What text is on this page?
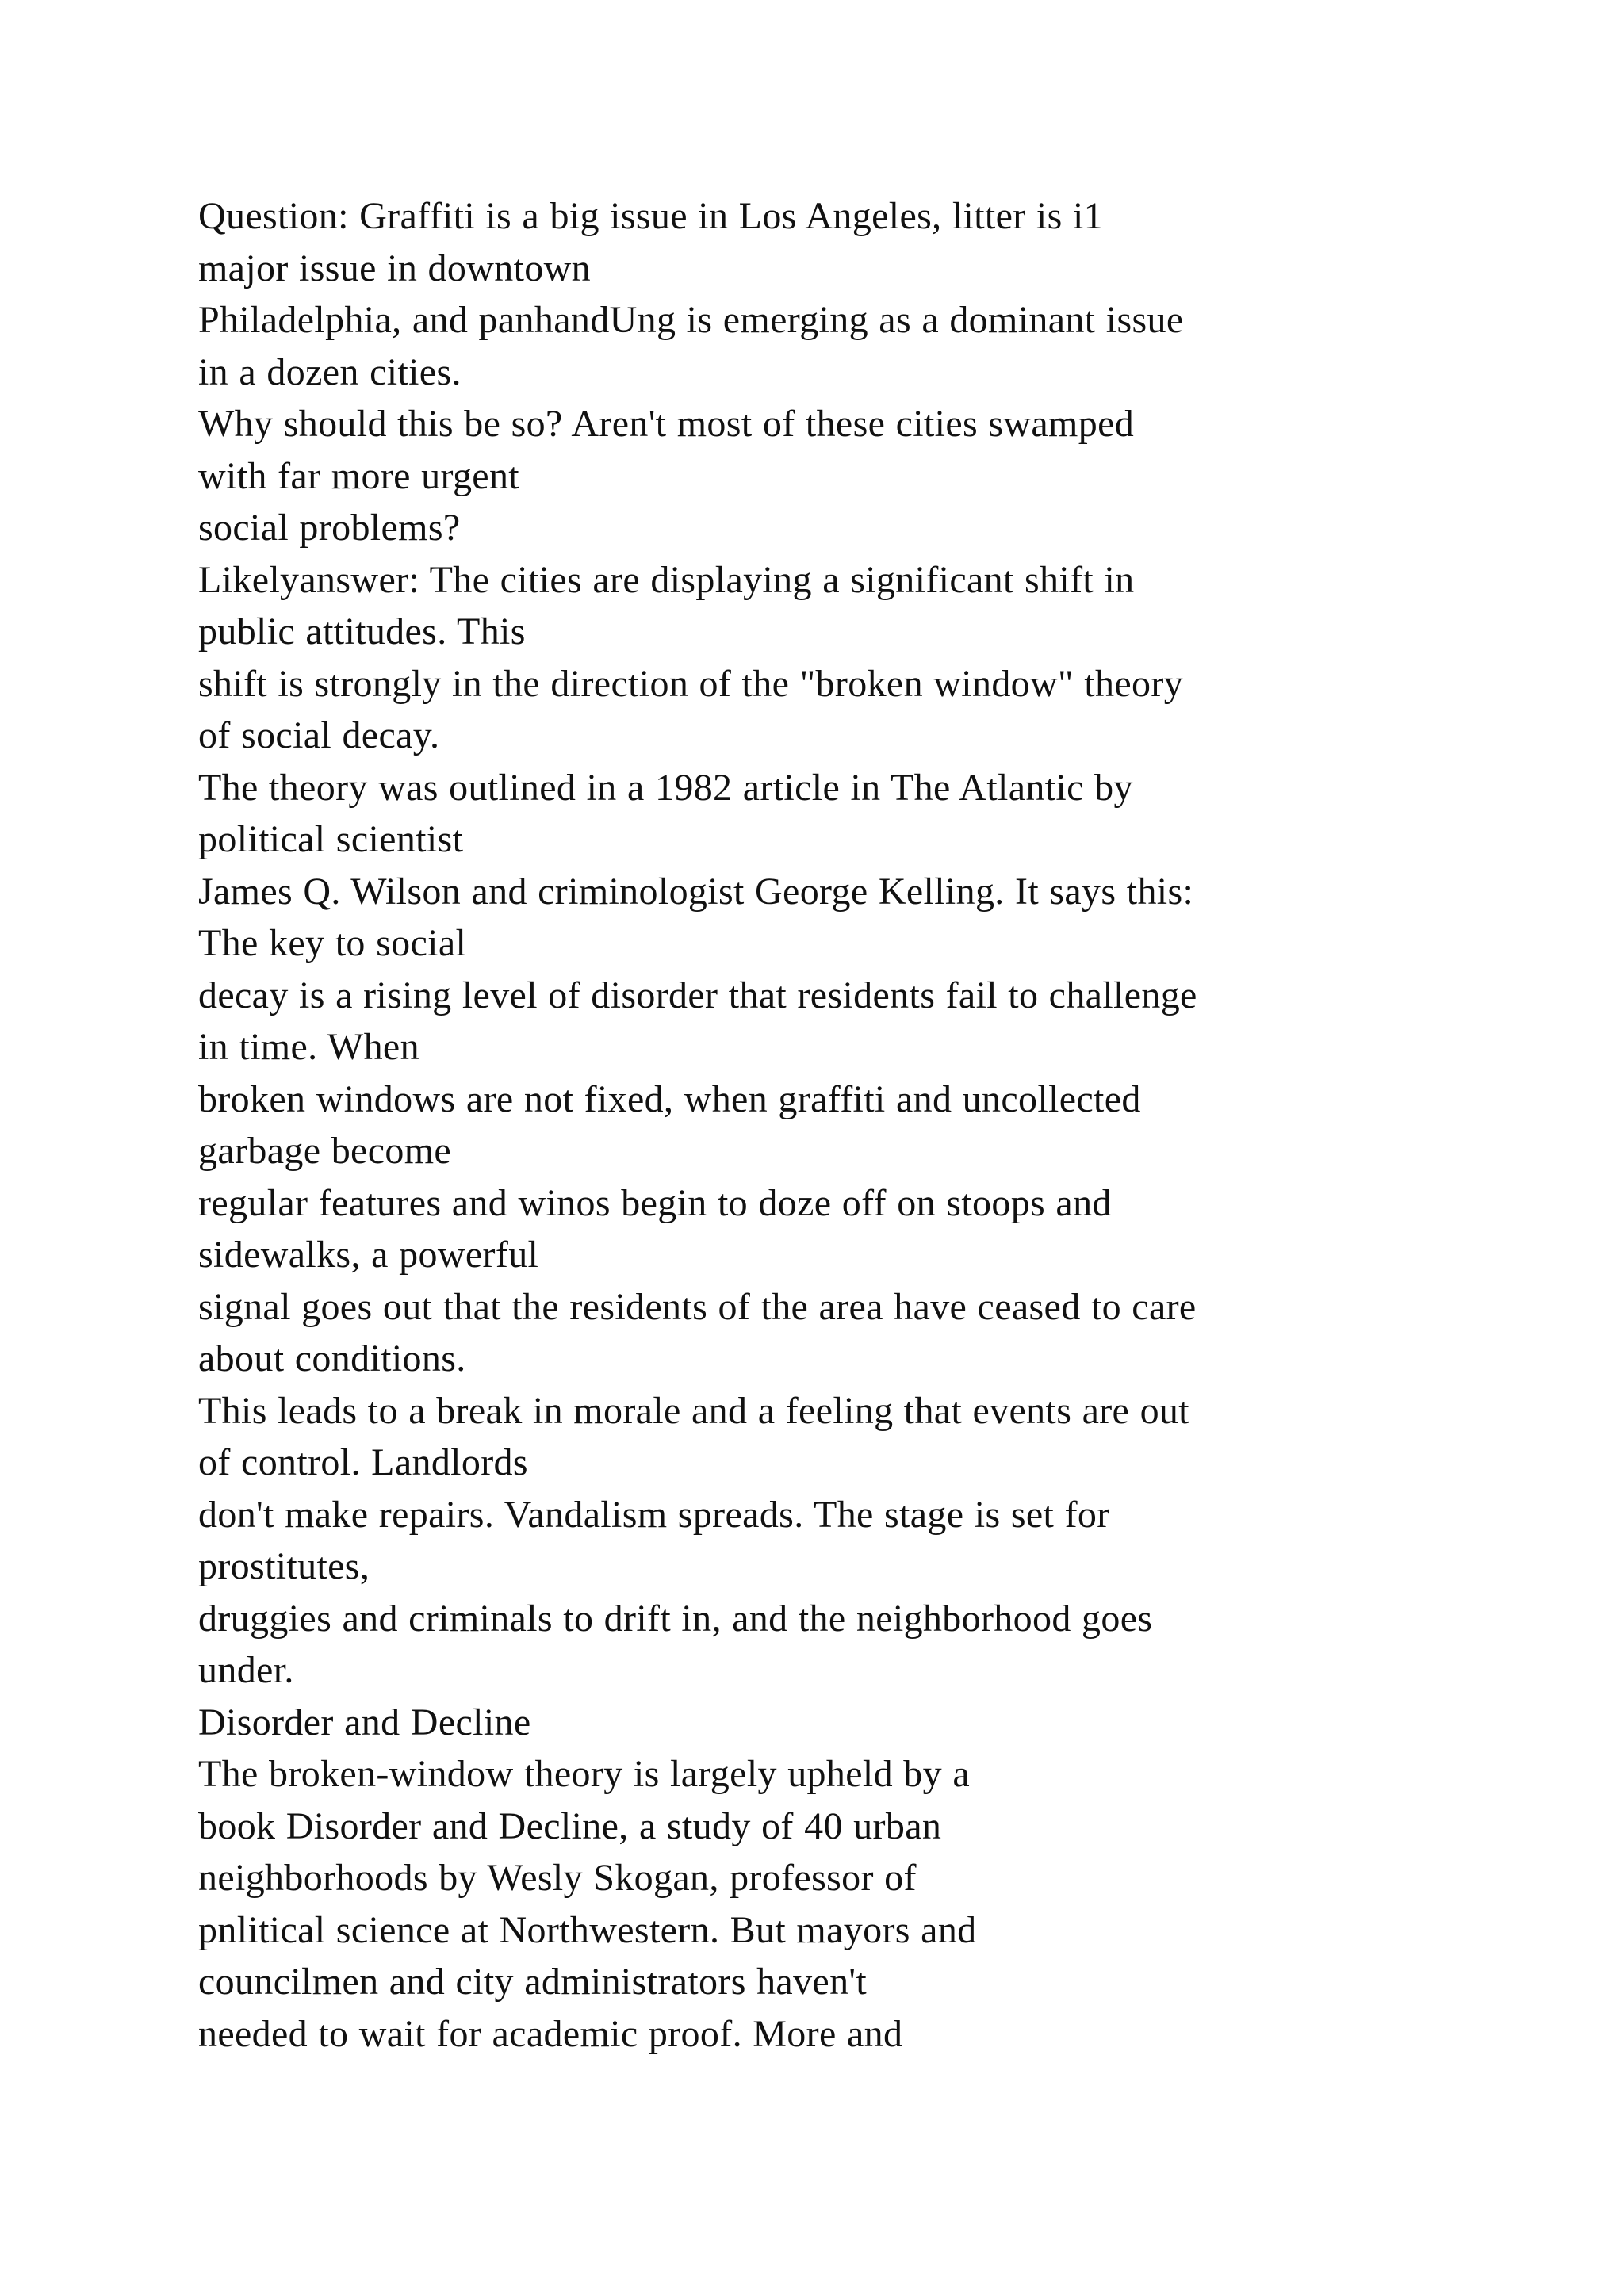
Question: Graffiti is a big issue in Los Angeles, litter is i1
major issue in downtown
Philadelphia, and panhandUng is emerging as a dominant issue
in a dozen cities.
Why should this be so? Aren't most of these cities swamped
with far more urgent
social problems?
Likelyanswer: The cities are displaying a significant shift in
public attitudes. This
shift is strongly in the direction of the "broken window" theory
of social decay.
The theory was outlined in a 1982 article in The Atlantic by
political scientist
James Q. Wilson and criminologist George Kelling. It says this:
The key to social
decay is a rising level of disorder that residents fail to challenge
in time. When
broken windows are not fixed, when graffiti and uncollected
garbage become
regular features and winos begin to doze off on stoops and
sidewalks, a powerful
signal goes out that the residents of the area have ceased to care
about conditions.
This leads to a break in morale and a feeling that events are out
of control. Landlords
don't make repairs. Vandalism spreads. The stage is set for
prostitutes,
druggies and criminals to drift in, and the neighborhood goes
under.
Disorder and Decline
The broken-window theory is largely upheld by a
book Disorder and Decline, a study of 40 urban
neighborhoods by Wesly Skogan, professor of
pnlitical science at Northwestern. But mayors and
councilmen and city administrators haven't
needed to wait for academic proof. More and
